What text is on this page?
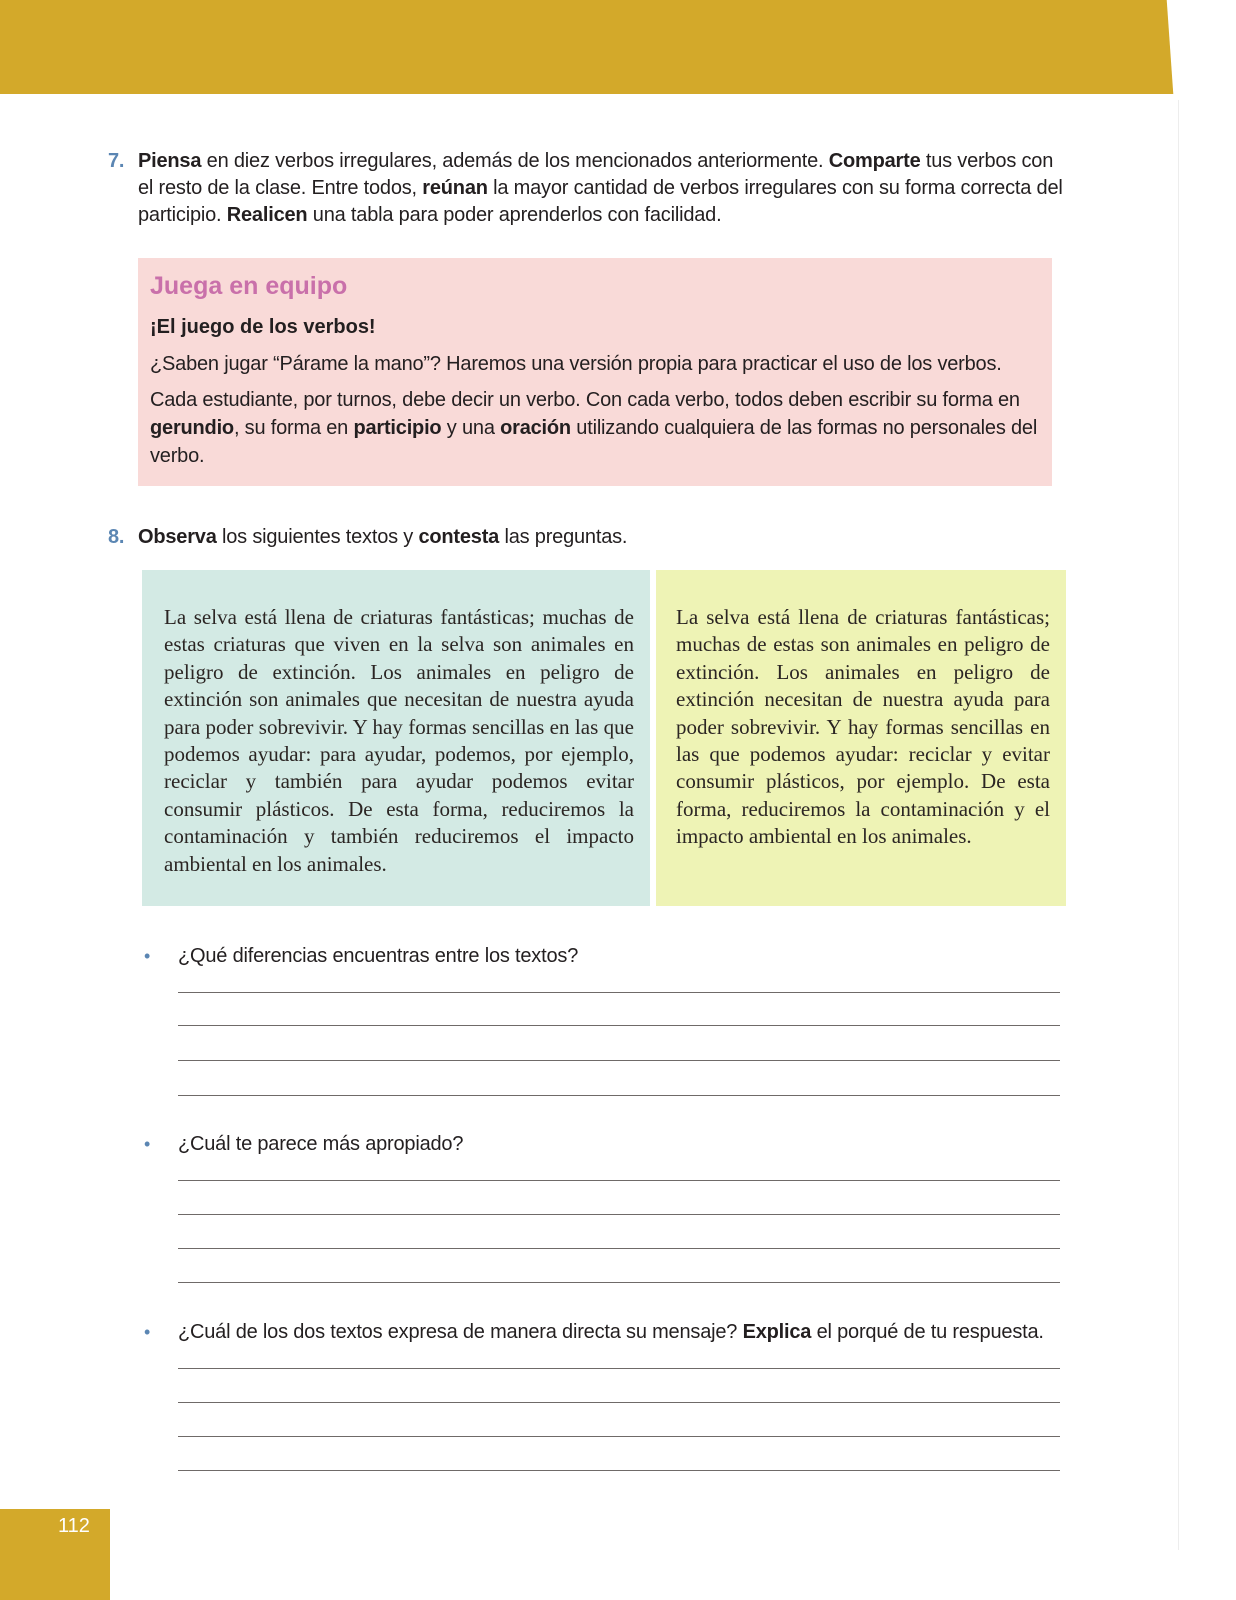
7. Piensa en diez verbos irregulares, además de los mencionados anteriormente. Comparte tus verbos con el resto de la clase. Entre todos, reúnan la mayor cantidad de verbos irregulares con su forma correcta del participio. Realicen una tabla para poder aprenderlos con facilidad.
Juega en equipo
¡El juego de los verbos!
¿Saben jugar “Párame la mano”? Haremos una versión propia para practicar el uso de los verbos.
Cada estudiante, por turnos, debe decir un verbo. Con cada verbo, todos deben escribir su forma en gerundio, su forma en participio y una oración utilizando cualquiera de las formas no personales del verbo.
8. Observa los siguientes textos y contesta las preguntas.
La selva está llena de criaturas fantásticas; muchas de estas criaturas que viven en la selva son animales en peligro de extinción. Los animales en peligro de extinción son animales que necesitan de nuestra ayuda para poder sobrevivir. Y hay formas sencillas en las que podemos ayudar: para ayudar, podemos, por ejemplo, reciclar y también para ayudar podemos evitar consumir plásticos. De esta forma, reduciremos la contaminación y también reduciremos el impacto ambiental en los animales.
La selva está llena de criaturas fantásticas; muchas de estas son animales en peligro de extinción. Los animales en peligro de extinción necesitan de nuestra ayuda para poder sobrevivir. Y hay formas sencillas en las que podemos ayudar: reciclar y evitar consumir plásticos, por ejemplo. De esta forma, reduciremos la contaminación y el impacto ambiental en los animales.
• ¿Qué diferencias encuentras entre los textos?
• ¿Cuál te parece más apropiado?
• ¿Cuál de los dos textos expresa de manera directa su mensaje? Explica el porqué de tu respuesta.
112
